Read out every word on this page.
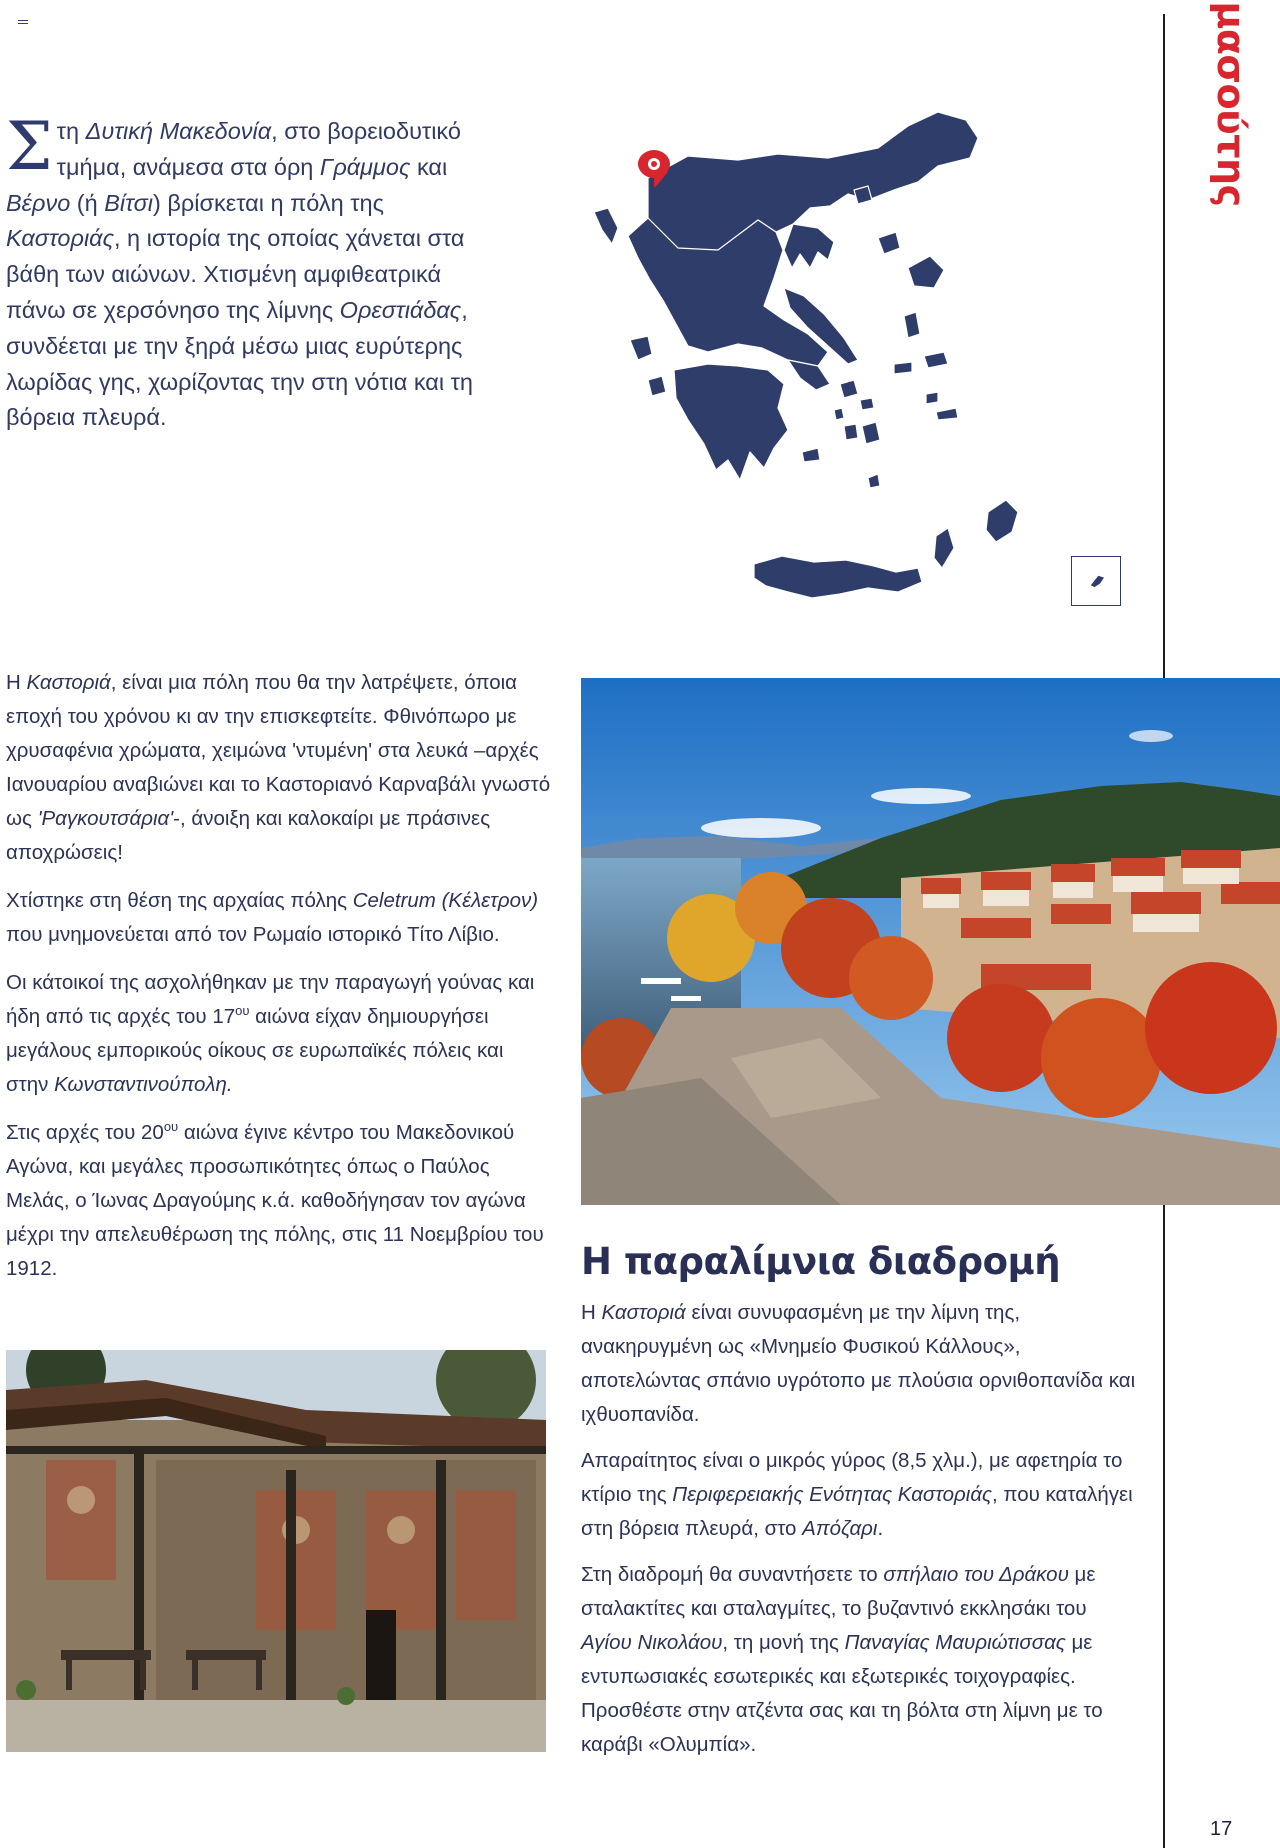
μασούτης
Σ τη Δυτική Μακεδονία, στο βορειοδυτικό τμήμα, ανάμεσα στα όρη Γράμμος και Βέρνο (ή Βίτσι) βρίσκεται η πόλη της Καστοριάς, η ιστορία της οποίας χάνεται στα βάθη των αιώνων. Χτισμένη αμφιθεατρικά πάνω σε χερσόνησο της λίμνης Ορεστιάδας, συνδέεται με την ξηρά μέσω μιας ευρύτερης λωρίδας γης, χωρίζοντας την στη νότια και τη βόρεια πλευρά.

Η Καστοριά, είναι μια πόλη που θα την λατρέψετε, όποια εποχή του χρόνου κι αν την επισκεφτείτε. Φθινόπωρο με χρυσαφένια χρώματα, χειμώνα 'ντυμένη' στα λευκά –αρχές Ιανουαρίου αναβιώνει και το Καστοριανό Καρναβάλι γνωστό ως 'Ραγκουτσάρια'-, άνοιξη και καλοκαίρι με πράσινες αποχρώσεις!

Χτίστηκε στη θέση της αρχαίας πόλης Celetrum (Κέλετρον) που μνημονεύεται από τον Ρωμαίο ιστορικό Τίτο Λίβιο.

Οι κάτοικοί της ασχολήθηκαν με την παραγωγή γούνας και ήδη από τις αρχές του $17^{o\upsilon}$ αιώνα είχαν δημιουργήσει μεγάλους εμπορικούς οίκους σε ευρωπαϊκές πόλεις και στην Κωνσταντινούπολη.

Στις αρχές του $20^{o\upsilon}$ αιώνα έγινε κέντρο του Μακεδονικού Αγώνα, και μεγάλες προσωπικότητες όπως ο Παύλος Μελάς, ο Ίωνας Δραγούμης κ.ά. καθοδήγησαν τον αγώνα μέχρι την απελευθέρωση της πόλης, στις 11 Νοεμβρίου του 1912.	Η παραλίμνια διαδρομή

Η Καστοριά είναι συνυφασμένη με την λίμνη της, ανακηρυγμένη ως «Μνημείο Φυσικού Κάλλους», αποτελώντας σπάνιο υγρότοπο με πλούσια ορνιθοπανίδα και ιχθυοπανίδα.

Απαραίτητος είναι ο μικρός γύρος (8,5 χλμ.), με αφετηρία το κτίριο της Περιφερειακής Ενότητας Καστοριάς, που καταλήγει στη βόρεια πλευρά, στο Απόζαρι.

Στη διαδρομή θα συναντήσετε το σπήλαιο του Δράκου με σταλακτίτες και σταλαγμίτες, το βυζαντινό εκκλησάκι του Αγίου Νικολάου, τη μονή της Παναγίας Μαυριώτισσας με εντυπωσιακές εσωτερικές και εξωτερικές τοιχογραφίες. Προσθέστε στην ατζέντα σας και τη βόλτα στη λίμνη με το καράβι «Ολυμπία».

17
